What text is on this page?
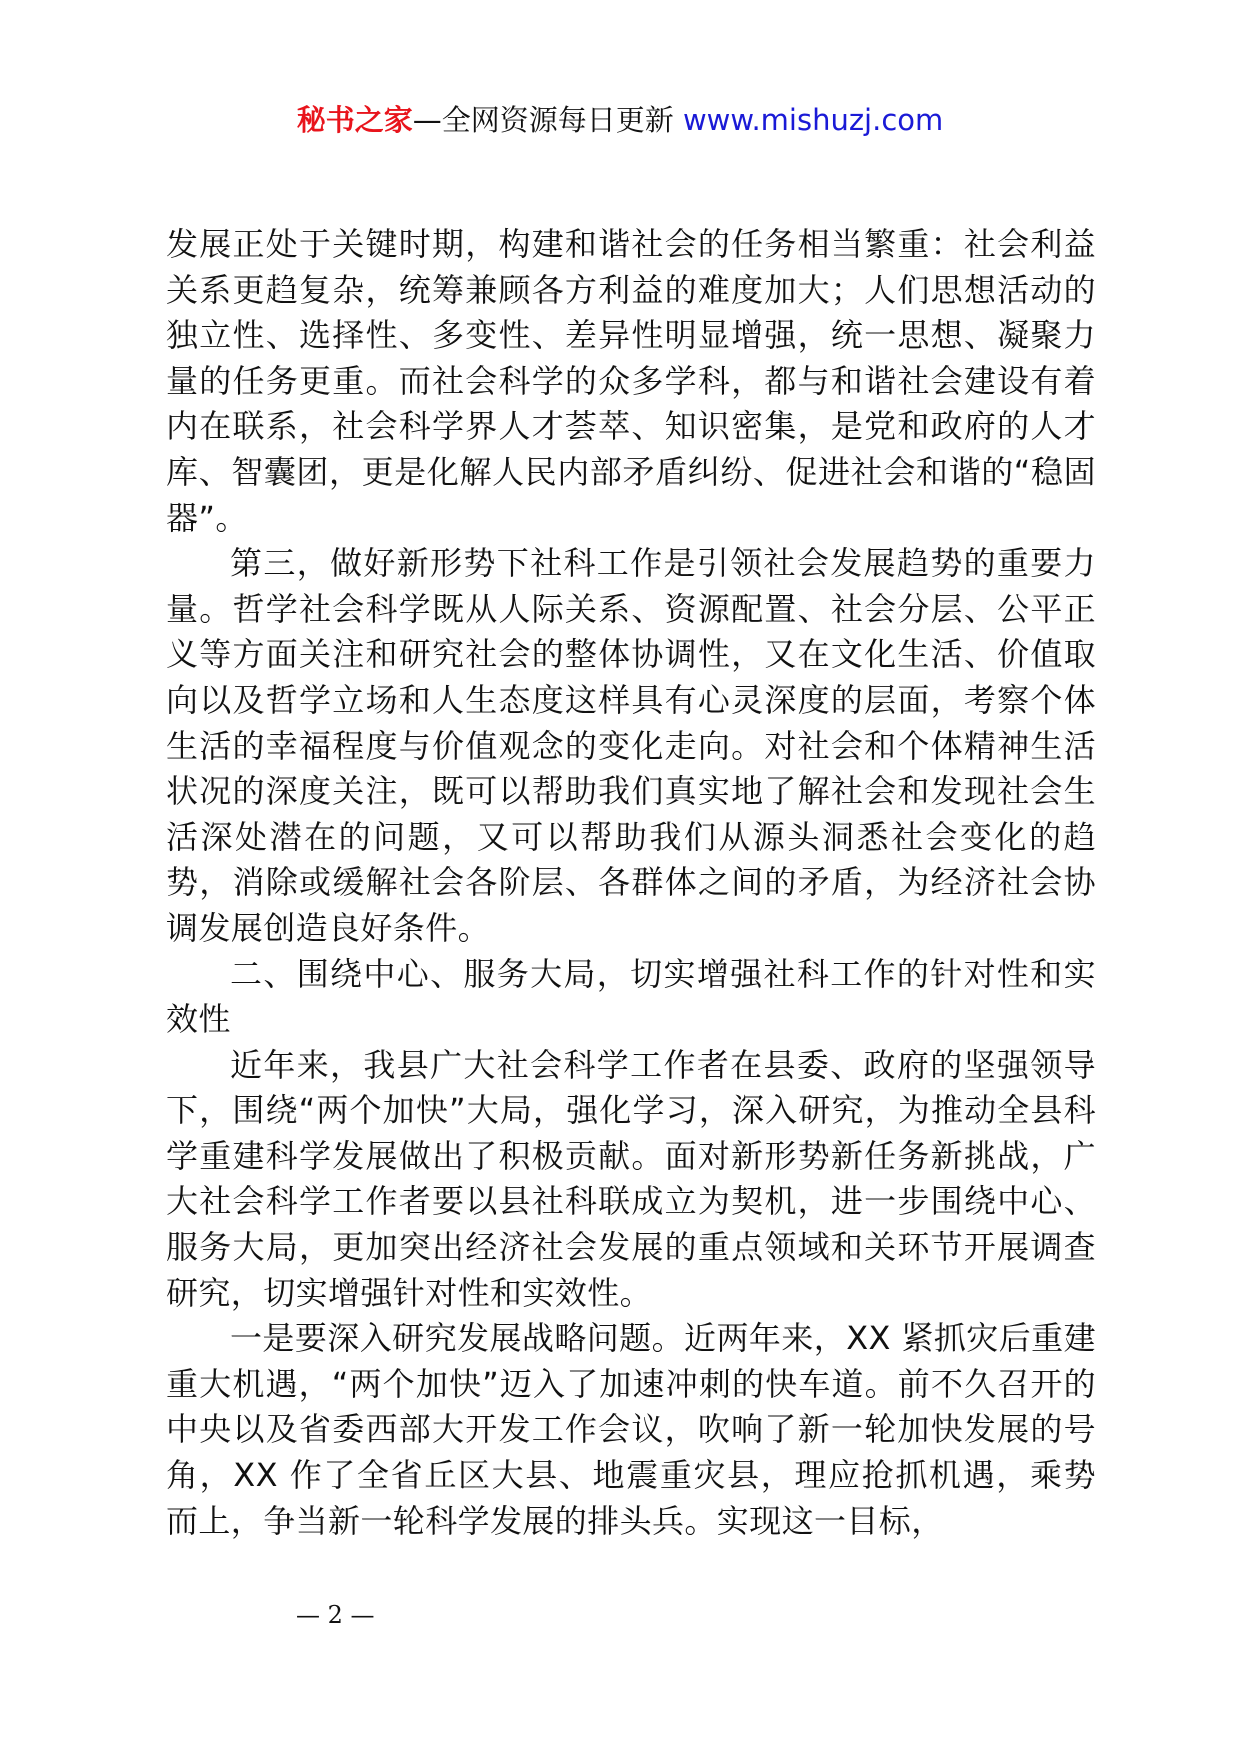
秘书之家—全网资源每日更新 www.mishuzj.com

发展正处于关键时期，构建和谐社会的任务相当繁重：社会利益关系更趋复杂，统筹兼顾各方利益的难度加大；人们思想活动的独立性、选择性、多变性、差异性明显增强，统一思想、凝聚力量的任务更重。而社会科学的众多学科，都与和谐社会建设有着内在联系，社会科学界人才荟萃、知识密集，是党和政府的人才库、智囊团，更是化解人民内部矛盾纠纷、促进社会和谐的“稳固器”。

第三，做好新形势下社科工作是引领社会发展趋势的重要力量。哲学社会科学既从人际关系、资源配置、社会分层、公平正义等方面关注和研究社会的整体协调性，又在文化生活、价值取向以及哲学立场和人生态度这样具有心灵深度的层面，考察个体生活的幸福程度与价值观念的变化走向。对社会和个体精神生活状况的深度关注，既可以帮助我们真实地了解社会和发现社会生活深处潜在的问题，又可以帮助我们从源头洞悉社会变化的趋势，消除或缓解社会各阶层、各群体之间的矛盾，为经济社会协调发展创造良好条件。

二、围绕中心、服务大局，切实增强社科工作的针对性和实效性

近年来，我县广大社会科学工作者在县委、政府的坚强领导下，围绕“两个加快”大局，强化学习，深入研究，为推动全县科学重建科学发展做出了积极贡献。面对新形势新任务新挑战，广大社会科学工作者要以县社科联成立为契机，进一步围绕中心、服务大局，更加突出经济社会发展的重点领域和关环节开展调查研究，切实增强针对性和实效性。

一是要深入研究发展战略问题。近两年来，XX 紧抓灾后重建重大机遇，“两个加快”迈入了加速冲刺的快车道。前不久召开的中央以及省委西部大开发工作会议，吹响了新一轮加快发展的号角，XX 作了全省丘区大县、地震重灾县，理应抢抓机遇，乘势而上，争当新一轮科学发展的排头兵。实现这一目标，

— 2 —
